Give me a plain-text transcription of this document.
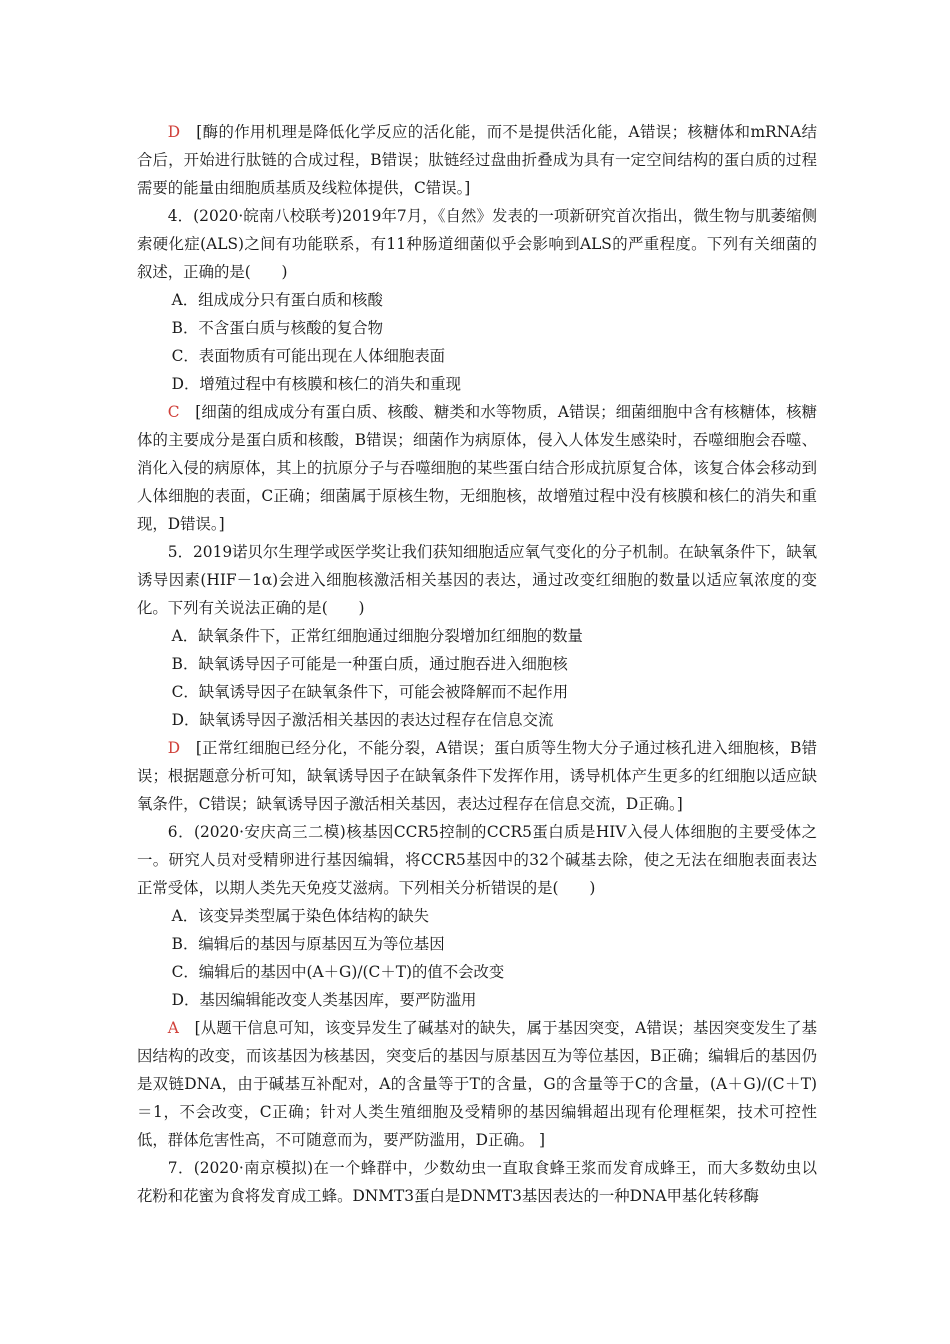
D　 [酶的作用机理是降低化学反应的活化能，而不是提供活化能，A错误；核糖体和mRNA结合后，开始进行肽链的合成过程，B错误；肽链经过盘曲折叠成为具有一定空间结构的蛋白质的过程需要的能量由细胞质基质及线粒体提供，C错误。]

4．(2020·皖南八校联考)2019年7月，《自然》发表的一项新研究首次指出，微生物与肌萎缩侧索硬化症(ALS)之间有功能联系，有11种肠道细菌似乎会影响到ALS的严重程度。下列有关细菌的叙述，正确的是(　　)

A．组成成分只有蛋白质和核酸

B．不含蛋白质与核酸的复合物

C．表面物质有可能出现在人体细胞表面

D．增殖过程中有核膜和核仁的消失和重现

C　 [细菌的组成成分有蛋白质、核酸、糖类和水等物质，A错误；细菌细胞中含有核糖体，核糖体的主要成分是蛋白质和核酸，B错误；细菌作为病原体，侵入人体发生感染时，吞噬细胞会吞噬、消化入侵的病原体，其上的抗原分子与吞噬细胞的某些蛋白结合形成抗原复合体，该复合体会移动到人体细胞的表面，C正确；细菌属于原核生物，无细胞核，故增殖过程中没有核膜和核仁的消失和重现，D错误。]

5．2019诺贝尔生理学或医学奖让我们获知细胞适应氧气变化的分子机制。在缺氧条件下，缺氧诱导因素(HIF－1α)会进入细胞核激活相关基因的表达，通过改变红细胞的数量以适应氧浓度的变化。下列有关说法正确的是(　　)

A．缺氧条件下，正常红细胞通过细胞分裂增加红细胞的数量

B．缺氧诱导因子可能是一种蛋白质，通过胞吞进入细胞核

C．缺氧诱导因子在缺氧条件下，可能会被降解而不起作用

D．缺氧诱导因子激活相关基因的表达过程存在信息交流

D　 [正常红细胞已经分化，不能分裂，A错误；蛋白质等生物大分子通过核孔进入细胞核，B错误；根据题意分析可知，缺氧诱导因子在缺氧条件下发挥作用，诱导机体产生更多的红细胞以适应缺氧条件，C错误；缺氧诱导因子激活相关基因，表达过程存在信息交流，D正确。]

6．(2020·安庆高三二模)核基因CCR5控制的CCR5蛋白质是HIV入侵人体细胞的主要受体之一。研究人员对受精卵进行基因编辑，将CCR5基因中的32个碱基去除，使之无法在细胞表面表达正常受体，以期人类先天免疫艾滋病。下列相关分析错误的是(　　)

A．该变异类型属于染色体结构的缺失

B．编辑后的基因与原基因互为等位基因

C．编辑后的基因中(A＋G)/(C＋T)的值不会改变

D．基因编辑能改变人类基因库，要严防滥用

A　 [从题干信息可知，该变异发生了碱基对的缺失，属于基因突变，A错误；基因突变发生了基因结构的改变，而该基因为核基因，突变后的基因与原基因互为等位基因，B正确；编辑后的基因仍是双链DNA，由于碱基互补配对，A的含量等于T的含量，G的含量等于C的含量，(A＋G)/(C＋T)＝1，不会改变，C正确；针对人类生殖细胞及受精卵的基因编辑超出现有伦理框架，技术可控性低，群体危害性高，不可随意而为，要严防滥用，D正确。 ]

7．(2020·南京模拟)在一个蜂群中，少数幼虫一直取食蜂王浆而发育成蜂王，而大多数幼虫以花粉和花蜜为食将发育成工蜂。DNMT3蛋白是DNMT3基因表达的一种DNA甲基化转移酶
